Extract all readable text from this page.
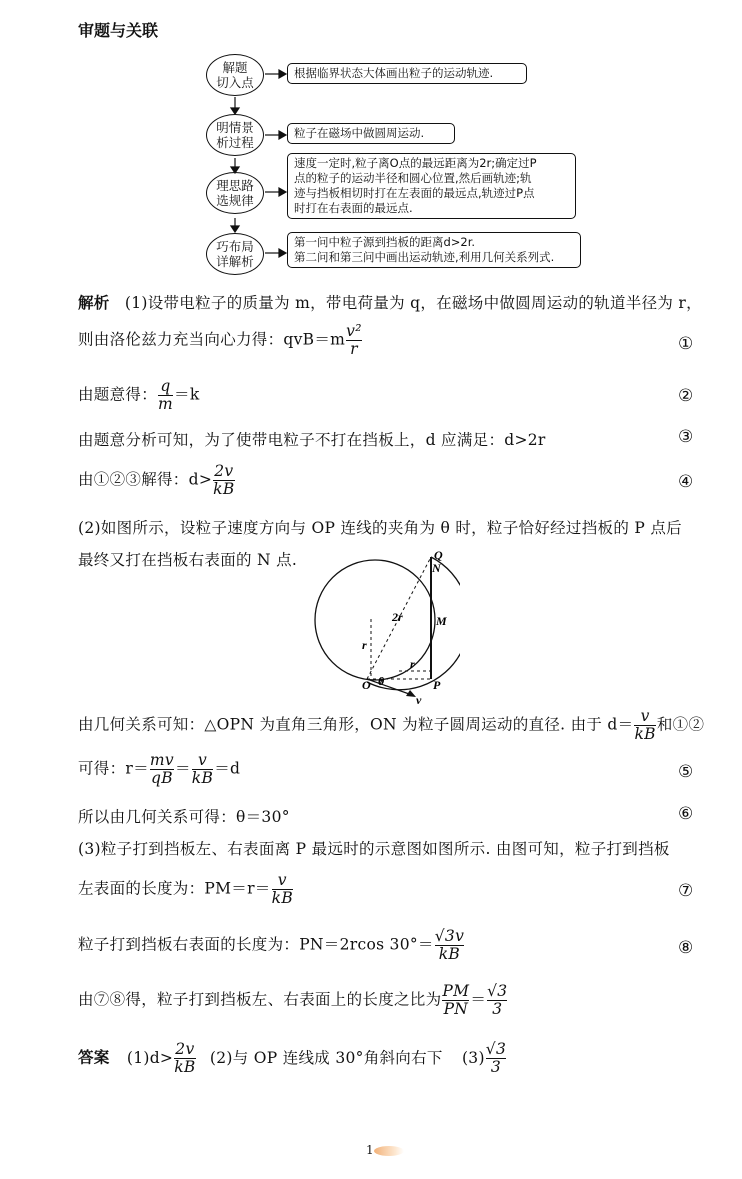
审题与关联
解题
切入点
根据临界状态大体画出粒子的运动轨迹.
明情景
析过程
粒子在磁场中做圆周运动.
理思路
选规律
速度一定时,粒子离O点的最远距离为2r;确定过P
点的粒子的运动半径和圆心位置,然后画轨迹;轨
迹与挡板相切时打在左表面的最远点,轨迹过P点
时打在右表面的最远点.
巧布局
详解析
第一问中粒子源到挡板的距离d>2r.
第二问和第三问中画出运动轨迹,利用几何关系列式.
解析 (1)设带电粒子的质量为 m，带电荷量为 q，在磁场中做圆周运动的轨道半径为 r，
则由洛伦兹力充当向心力得：$qvB=m \frac{\text{v²}}{r}$	①
由题意得： $\frac{q}{m} =k$	②
由题意分析可知，为了使带电粒子不打在挡板上，d 应满足：d>2r	③
由①②③解得：$d> \frac{2v}{kB}$	④
(2)如图所示，设粒子速度方向与 OP 连线的夹角为 θ 时，粒子恰好经过挡板的 P 点后
最终又打在挡板右表面的 N 点.	Q
N
M
2r
r
r
O θ	P
v
由几何关系可知：△OPN 为直角三角形，ON 为粒子圆周运动的直径. 由于 $d= \frac{v}{kB}$ 和①②
可得：$r= \frac{mv}{qB} = \frac{v}{kB} =d$	⑤
所以由几何关系可得：θ＝30°	⑥
(3)粒子打到挡板左、右表面离 P 最远时的示意图如图所示. 由图可知，粒子打到挡板
左表面的长度为：$PM=r= \frac{v}{kB}$	⑦
粒子打到挡板右表面的长度为：PN＝2rcos $30^\circ= \frac{√3v}{kB}$	⑧
由⑦⑧得，粒子打到挡板左、右表面上的长度之比为 $\frac{PM}{PN} = \frac{√3}{3}$
答案 $(1)d> \frac{2v}{kB} (2)$与 OP 连线成 30°角斜向右下 $(3) \frac{√3}{3}$
1
